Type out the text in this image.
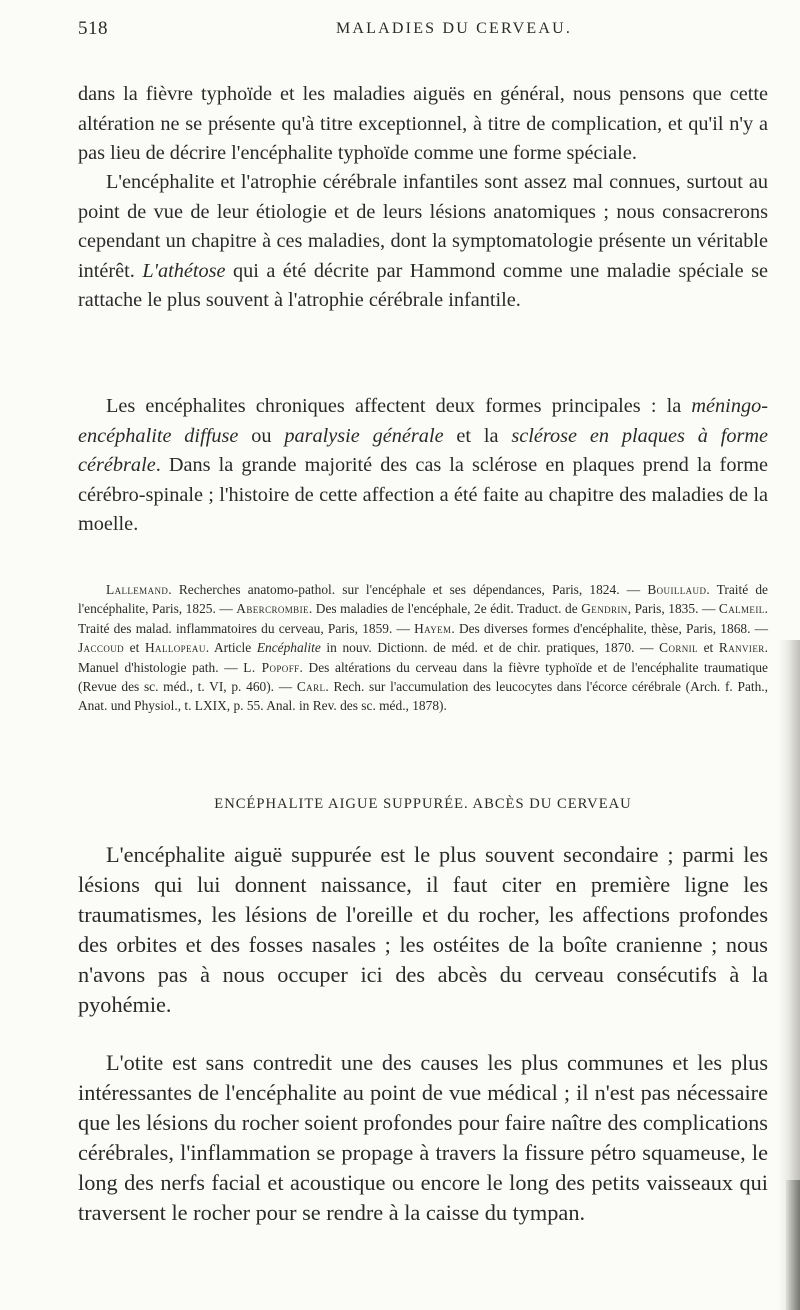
518	MALADIES DU CERVEAU.

dans la fièvre typhoïde et les maladies aiguës en général, nous pensons que cette altération ne se présente qu'à titre exceptionnel, à titre de complication, et qu'il n'y a pas lieu de décrire l'encéphalite typhoïde comme une forme spéciale.

L'encéphalite et l'atrophie cérébrale infantiles sont assez mal connues, surtout au point de vue de leur étiologie et de leurs lésions anatomiques ; nous consacrerons cependant un chapitre à ces maladies, dont la symptomatologie présente un véritable intérêt. L'athétose qui a été décrite par Hammond comme une maladie spéciale se rattache le plus souvent à l'atrophie cérébrale infantile.

Les encéphalites chroniques affectent deux formes principales : la méningo-encéphalite diffuse ou paralysie générale et la sclérose en plaques à forme cérébrale. Dans la grande majorité des cas la sclérose en plaques prend la forme cérébro-spinale ; l'histoire de cette affection a été faite au chapitre des maladies de la moelle.

Lallemand. Recherches anatomo-pathol. sur l'encéphale et ses dépendances, Paris, 1824. — Bouillaud. Traité de l'encéphalite, Paris, 1825. — Abercrombie. Des maladies de l'encéphale, 2e édit. Traduct. de Gendrin, Paris, 1835. — Calmeil. Traité des malad. inflammatoires du cerveau, Paris, 1859. — Hayem. Des diverses formes d'encéphalite, thèse, Paris, 1868. — Jaccoud et Hallopeau. Article Encéphalite in nouv. Dictionn. de méd. et de chir. pratiques, 1870. — Cornil et Ranvier. Manuel d'histologie path. — L. Popoff. Des altérations du cerveau dans la fièvre typhoïde et de l'encéphalite traumatique (Revue des sc. méd., t. VI, p. 460). — Carl. Rech. sur l'accumulation des leucocytes dans l'écorce cérébrale (Arch. f. Path., Anat. und Physiol., t. LXIX, p. 55. Anal. in Rev. des sc. méd., 1878).

ENCÉPHALITE AIGUE SUPPURÉE. ABCÈS DU CERVEAU

L'encéphalite aiguë suppurée est le plus souvent secondaire ; parmi les lésions qui lui donnent naissance, il faut citer en première ligne les traumatismes, les lésions de l'oreille et du rocher, les affections profondes des orbites et des fosses nasales ; les ostéites de la boîte cranienne ; nous n'avons pas à nous occuper ici des abcès du cerveau consécutifs à la pyohémie.

L'otite est sans contredit une des causes les plus communes et les plus intéressantes de l'encéphalite au point de vue médical ; il n'est pas nécessaire que les lésions du rocher soient profondes pour faire naître des complications cérébrales, l'inflammation se propage à travers la fissure pétro squameuse, le long des nerfs facial et acoustique ou encore le long des petits vaisseaux qui traversent le rocher pour se rendre à la caisse du tympan.
